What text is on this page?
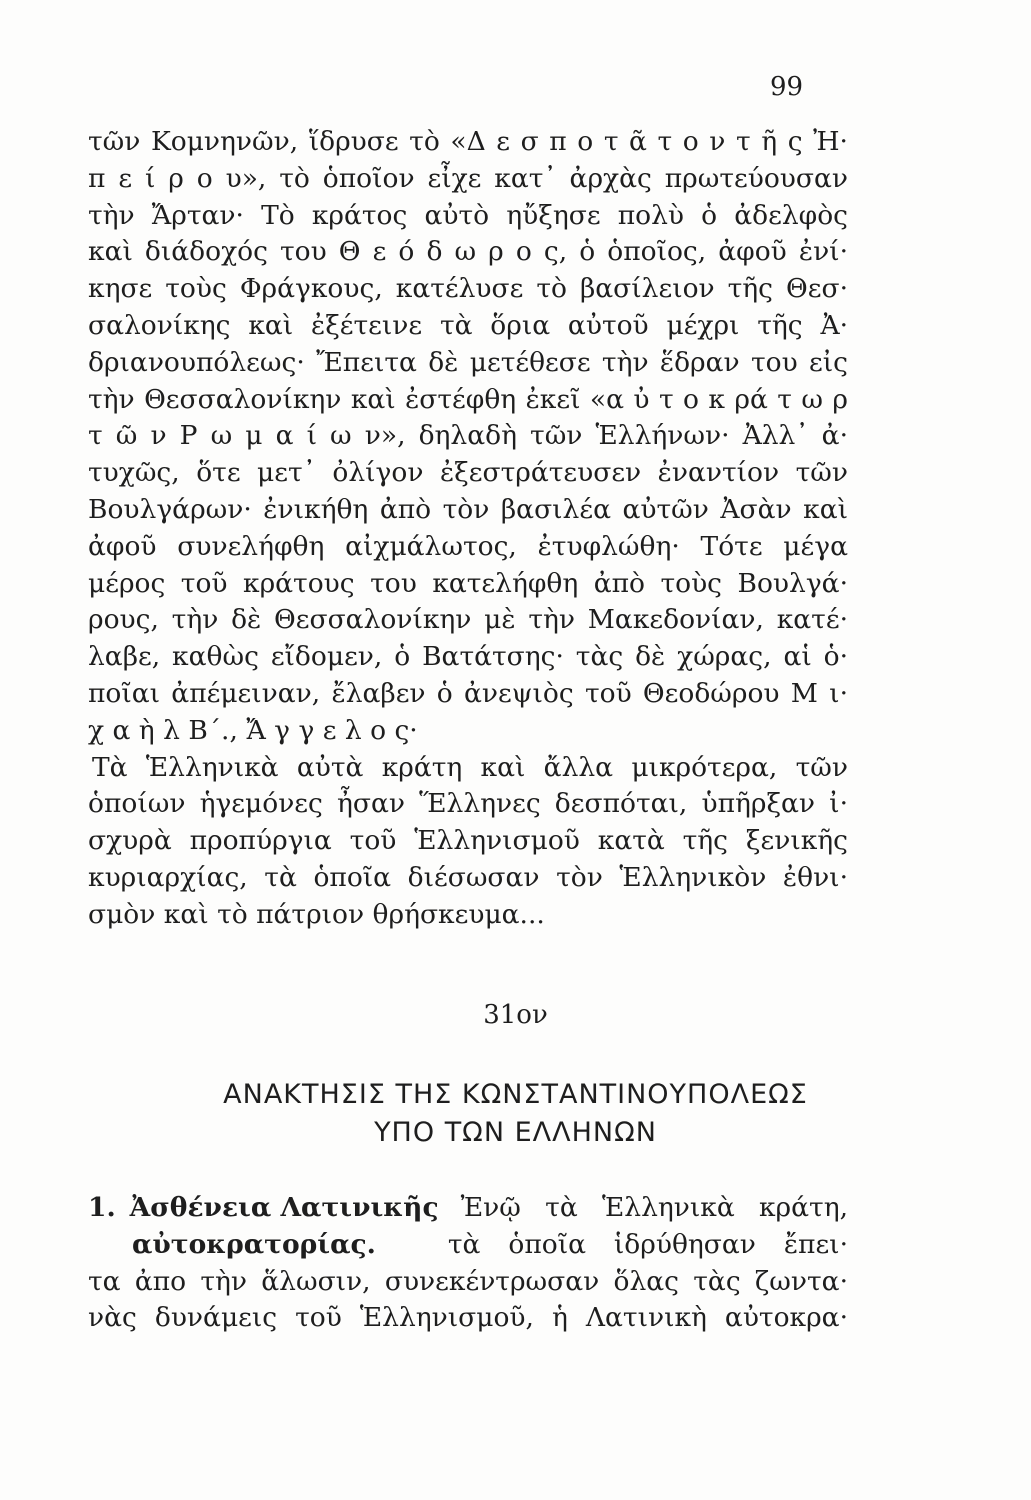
99
τῶν Κομνηνῶν, ἵδρυσε τὸ «Δ ε σ π ο τ ᾶ τ ο ν τ ῆ ς Ἠ·
π ε ί ρ ο υ», τὸ ὁποῖον εἶχε κατ᾿ ἀρχὰς πρωτεύουσαν
τὴν Ἄρταν· Τὸ κράτος αὐτὸ ηὔξησε πολὺ ὁ ἀδελφὸς
καὶ διάδοχός του Θ ε ό δ ω ρ ο ς, ὁ ὁποῖος, ἀφοῦ ἐνί·
κησε τοὺς Φράγκους, κατέλυσε τὸ βασίλειον τῆς Θεσ·
σαλονίκης καὶ ἐξέτεινε τὰ ὅρια αὐτοῦ μέχρι τῆς Ἀ·
δριανουπόλεως· Ἔπειτα δὲ μετέθεσε τὴν ἕδραν του εἰς
τὴν Θεσσαλονίκην καὶ ἐστέφθη ἐκεῖ «α ὐ τ ο κ ρά τ ω ρ
τ ῶ ν Ρ ω μ α ί ω ν», δηλαδὴ τῶν Ἑλλήνων· Ἀλλ᾿ ἀ·
τυχῶς, ὅτε μετ᾿ ὀλίγον ἐξεστράτευσεν ἐναντίον τῶν
Βουλγάρων· ἐνικήθη ἀπὸ τὸν βασιλέα αὐτῶν Ἀσὰν καὶ
ἀφοῦ συνελήφθη αἰχμάλωτος, ἐτυφλώθη· Τότε μέγα
μέρος τοῦ κράτους του κατελήφθη ἀπὸ τοὺς Βουλγά·
ρους, τὴν δὲ Θεσσαλονίκην μὲ τὴν Μακεδονίαν, κατέ·
λαβε, καθὼς εἴδομεν, ὁ Βατάτσης· τὰς δὲ χώρας, αἱ ὁ·
ποῖαι ἀπέμειναν, ἔλαβεν ὁ ἀνεψιὸς τοῦ Θεοδώρου Μ ι·
χ α ὴ λ Β΄., Ἄ γ γ ε λ ο ς·
Τὰ Ἑλληνικὰ αὐτὰ κράτη καὶ ἄλλα μικρότερα, τῶν
ὁποίων ἡγεμόνες ἦσαν Ἕλληνες δεσπόται, ὑπῆρξαν ἰ·
σχυρὰ προπύργια τοῦ Ἑλληνισμοῦ κατὰ τῆς ξενικῆς
κυριαρχίας, τὰ ὁποῖα διέσωσαν τὸν Ἑλληνικὸν ἐθνι·
σμὸν καὶ τὸ πάτριον θρήσκευμα...
31ον
ΑΝΑΚΤΗΣΙΣ ΤΗΣ ΚΩΝΣΤΑΝΤΙΝΟΥΠΟΛΕΩΣ
ΥΠΟ ΤΩΝ ΕΛΛΗΝΩΝ
1. Ἀσθένεια Λατινικῆς Ἐνῷ τὰ Ἑλληνικὰ κράτη,
αὐτοκρατορίας.	τὰ ὁποῖα ἱδρύθησαν ἔπει·
τα ἀπο τὴν ἅλωσιν, συνεκέντρωσαν ὅλας τὰς ζωντα·
νὰς δυνάμεις τοῦ Ἑλληνισμοῦ, ἡ Λατινικὴ αὐτοκρα·
